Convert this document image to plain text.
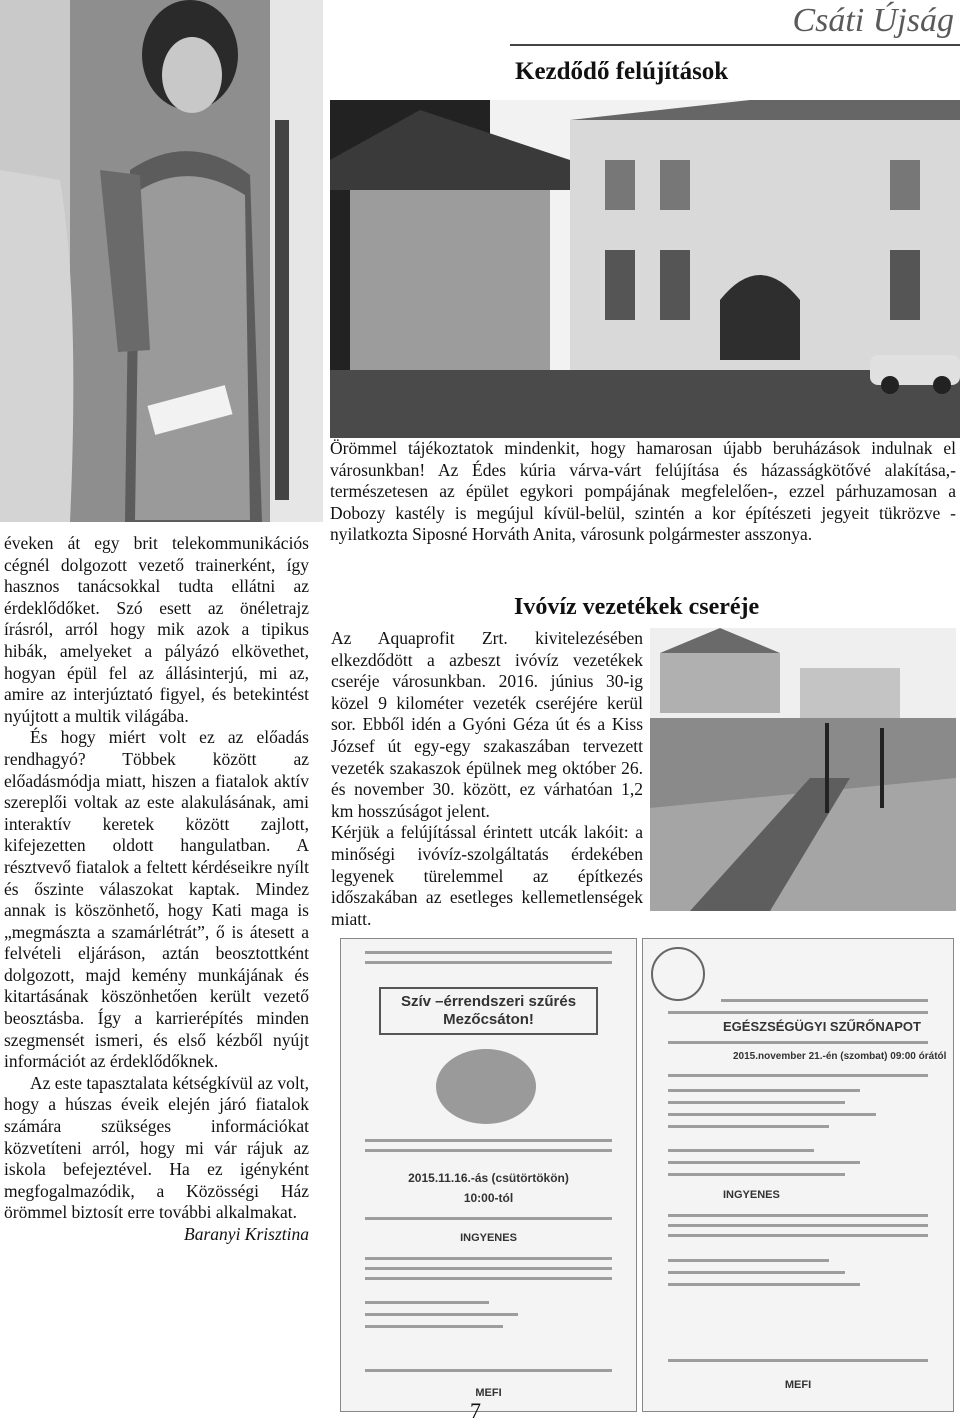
Csáti Újság
Kezdődő felújítások

Örömmel tájékoztatok mindenkit, hogy hamarosan újabb beruházások indulnak el városunkban! Az Édes kúria várva-várt felújítása és házasságkötővé alakítása,- természetesen az épület egykori pompájának megfelelően-, ezzel párhuzamosan a Dobozy kastély is megújul kívül-belül, szintén a kor építészeti jegyeit tükrözve - nyilatkozta Siposné Horváth Anita, városunk polgármester asszonya.

éveken át egy brit telekommunikációs cégnél dolgozott vezető trainerként, így hasznos tanácsokkal tudta ellátni az érdeklődőket. Szó esett az önéletrajz írásról, arról hogy mik azok a tipikus hibák, amelyeket a pályázó elkövethet, hogyan épül fel az állásinterjú, mi az, amire az interjúztató figyel, és betekintést nyújtott a multik világába.

És hogy miért volt ez az előadás rendhagyó? Többek között az előadásmódja miatt, hiszen a fiatalok aktív szereplői voltak az este alakulásának, ami interaktív keretek között zajlott, kifejezetten oldott hangulatban. A résztvevő fiatalok a feltett kérdéseikre nyílt és őszinte válaszokat kaptak. Mindez annak is köszönhető, hogy Kati maga is „megmászta a szamárlétrát”, ő is átesett a felvételi eljáráson, aztán beosztottként dolgozott, majd kemény munkájának és kitartásának köszönhetően került vezető beosztásba. Így a karrierépítés minden szegmensét ismeri, és első kézből nyújt információt az érdeklődőknek.

Az este tapasztalata kétségkívül az volt, hogy a húszas éveik elején járó fiatalok számára szükséges információkat közvetíteni arról, hogy mi vár rájuk az iskola befejeztével. Ha ez igényként megfogalmazódik, a Közösségi Ház örömmel biztosít erre további alkalmakat.

Baranyi Krisztina

Ivóvíz vezetékek cseréje

Az Aquaprofit Zrt. kivitelezésében elkezdődött a azbeszt ivóvíz vezetékek cseréje városunkban. 2016. június 30-ig közel 9 kilométer vezeték cseréjére kerül sor. Ebből idén a Gyóni Géza út és a Kiss József út egy-egy szakaszában tervezett vezeték szakaszok épülnek meg október 26. és november 30. között, ez várhatóan 1,2 km hosszúságot jelent.

Kérjük a felújítással érintett utcák lakóit: a minőségi ivóvíz-szolgáltatás érdekében legyenek türelemmel az építkezés időszakában az esetleges kellemetlenségek miatt.

Szív –érrendszeri szűrés Mezőcsáton!
2015.11.16.-ás (csütörtökön)
10:00-tól
INGYENES
MEFI
EGÉSZSÉGÜGYI SZŰRŐNAPOT
2015.november 21.-én (szombat) 09:00 órától
INGYENES
MEFI
7
